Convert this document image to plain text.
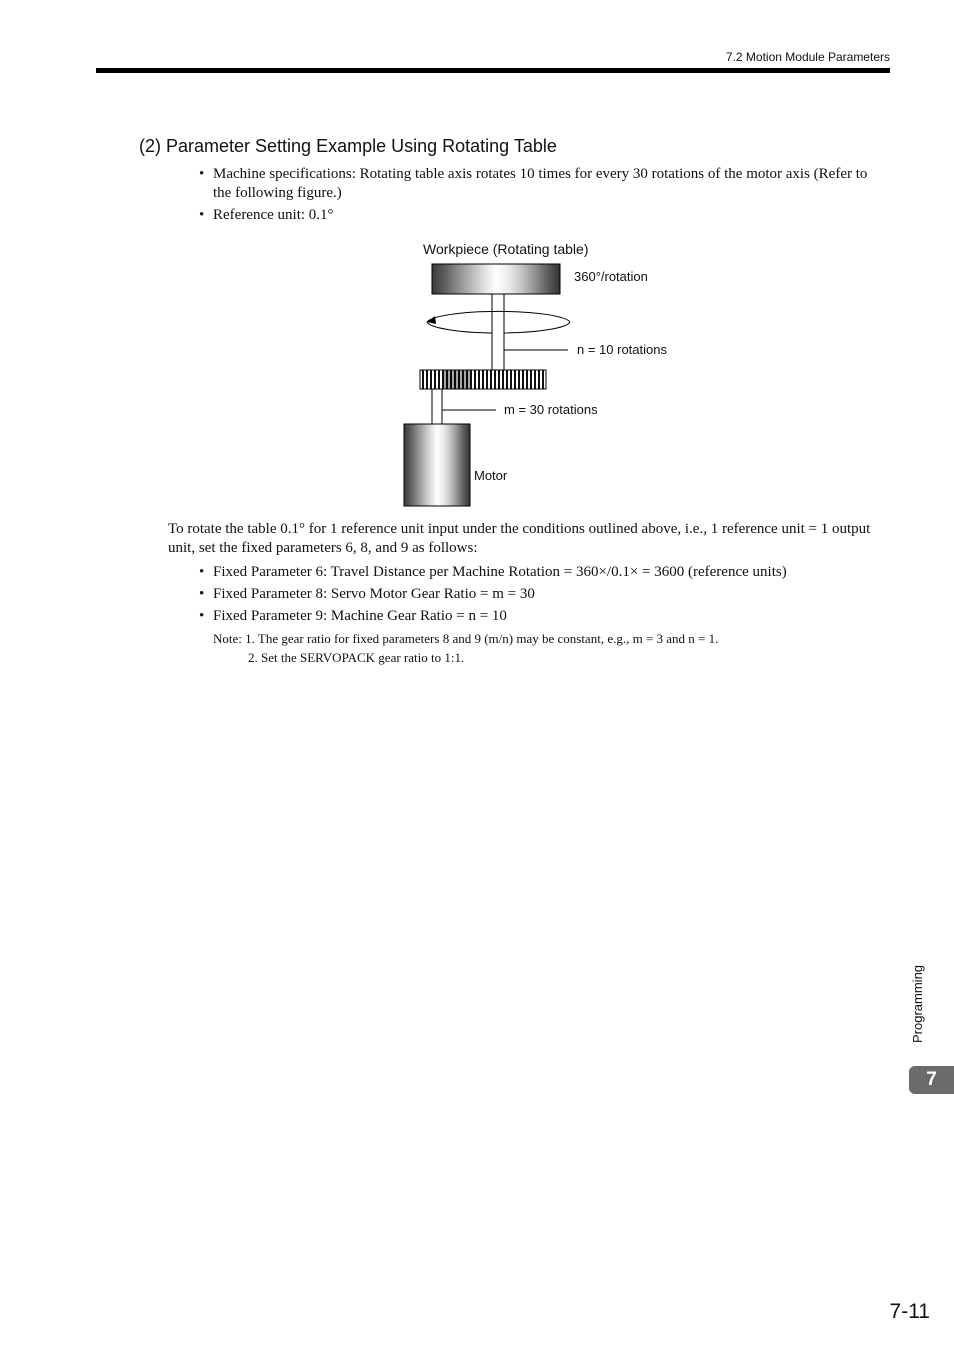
7.2 Motion Module Parameters
(2) Parameter Setting Example Using Rotating Table
• Machine specifications: Rotating table axis rotates 10 times for every 30 rotations of the motor axis (Refer to the following figure.)
• Reference unit: 0.1°
Workpiece (Rotating table)
360°/rotation
n = 10 rotations
m = 30 rotations
Motor

To rotate the table 0.1° for 1 reference unit input under the conditions outlined above, i.e., 1 reference unit = 1 output unit, set the fixed parameters 6, 8, and 9 as follows:

• Fixed Parameter 6: Travel Distance per Machine Rotation = 360×/0.1× = 3600 (reference units)
• Fixed Parameter 8: Servo Motor Gear Ratio = m = 30
• Fixed Parameter 9: Machine Gear Ratio = n = 10
Note: 1. The gear ratio for fixed parameters 8 and 9 (m/n) may be constant, e.g., m = 3 and n = 1.
2. Set the SERVOPACK gear ratio to 1:1.
Programming
7
7-11
